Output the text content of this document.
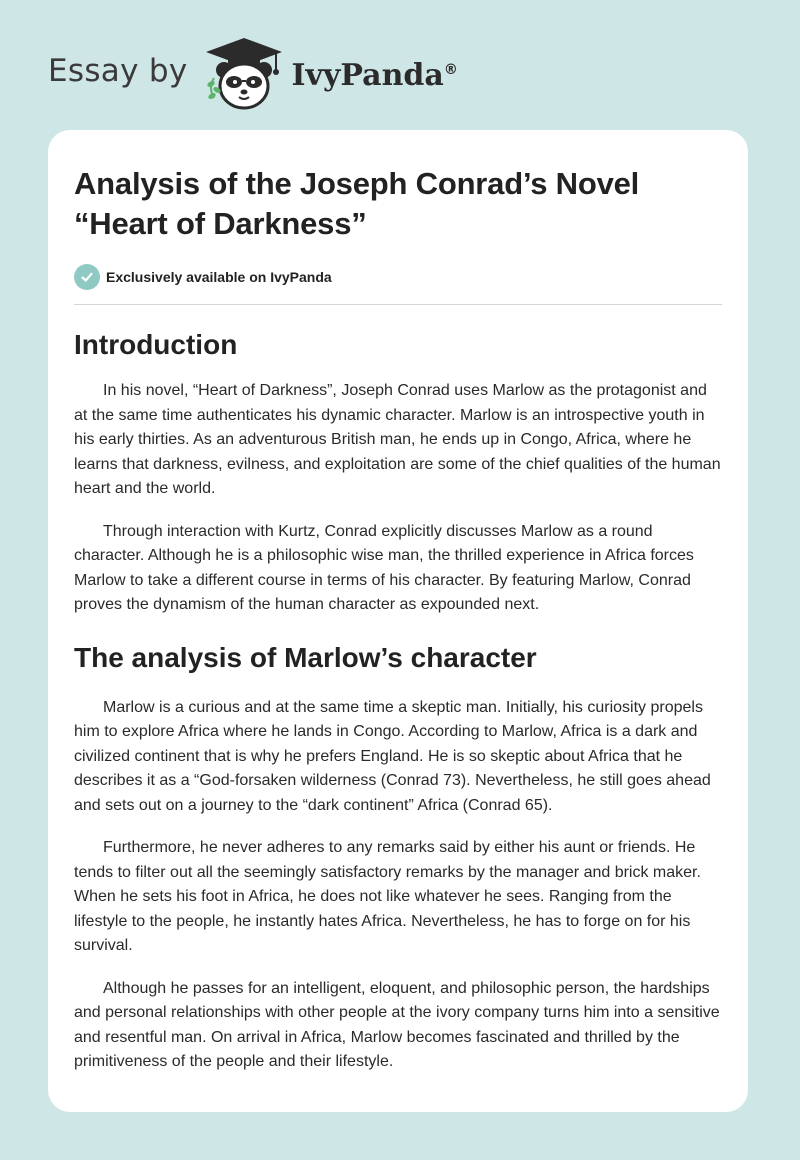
Essay by	IvyPanda®
Analysis of the Joseph Conrad’s Novel
“Heart of Darkness”
Exclusively available on IvyPanda
Introduction

In his novel, “Heart of Darkness”, Joseph Conrad uses Marlow as the protagonist and at the same time authenticates his dynamic character. Marlow is an introspective youth in his early thirties. As an adventurous British man, he ends up in Congo, Africa, where he learns that darkness, evilness, and exploitation are some of the chief qualities of the human heart and the world.

Through interaction with Kurtz, Conrad explicitly discusses Marlow as a round character. Although he is a philosophic wise man, the thrilled experience in Africa forces Marlow to take a different course in terms of his character. By featuring Marlow, Conrad proves the dynamism of the human character as expounded next.

The analysis of Marlow’s character

Marlow is a curious and at the same time a skeptic man. Initially, his curiosity propels him to explore Africa where he lands in Congo. According to Marlow, Africa is a dark and civilized continent that is why he prefers England. He is so skeptic about Africa that he describes it as a “God-forsaken wilderness (Conrad 73). Nevertheless, he still goes ahead and sets out on a journey to the “dark continent” Africa (Conrad 65).

Furthermore, he never adheres to any remarks said by either his aunt or friends. He tends to filter out all the seemingly satisfactory remarks by the manager and brick maker. When he sets his foot in Africa, he does not like whatever he sees. Ranging from the lifestyle to the people, he instantly hates Africa. Nevertheless, he has to forge on for his survival.

Although he passes for an intelligent, eloquent, and philosophic person, the hardships and personal relationships with other people at the ivory company turns him into a sensitive and resentful man. On arrival in Africa, Marlow becomes fascinated and thrilled by the primitiveness of the people and their lifestyle.
